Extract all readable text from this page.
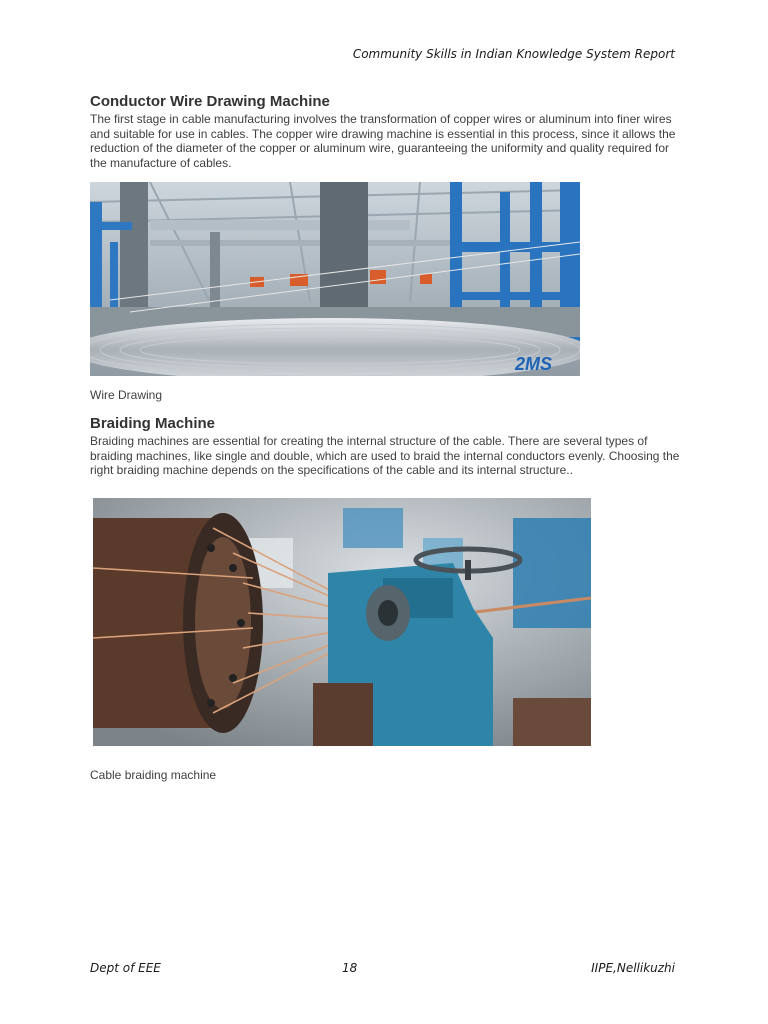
Community Skills in Indian Knowledge System Report
Conductor Wire Drawing Machine
The first stage in cable manufacturing involves the transformation of copper wires or aluminum into finer wires
and suitable for use in cables. The copper wire drawing machine is essential in this process, since it allows the
reduction of the diameter of the copper or aluminum wire, guaranteeing the uniformity and quality required for
the manufacture of cables.
2MS
Wire Drawing
Braiding Machine
Braiding machines are essential for creating the internal structure of the cable. There are several types of
braiding machines, like single and double, which are used to braid the internal conductors evenly. Choosing the
right braiding machine depends on the specifications of the cable and its internal structure..
Cable braiding machine
Dept of EEE	18	IIPE,Nellikuzhi
